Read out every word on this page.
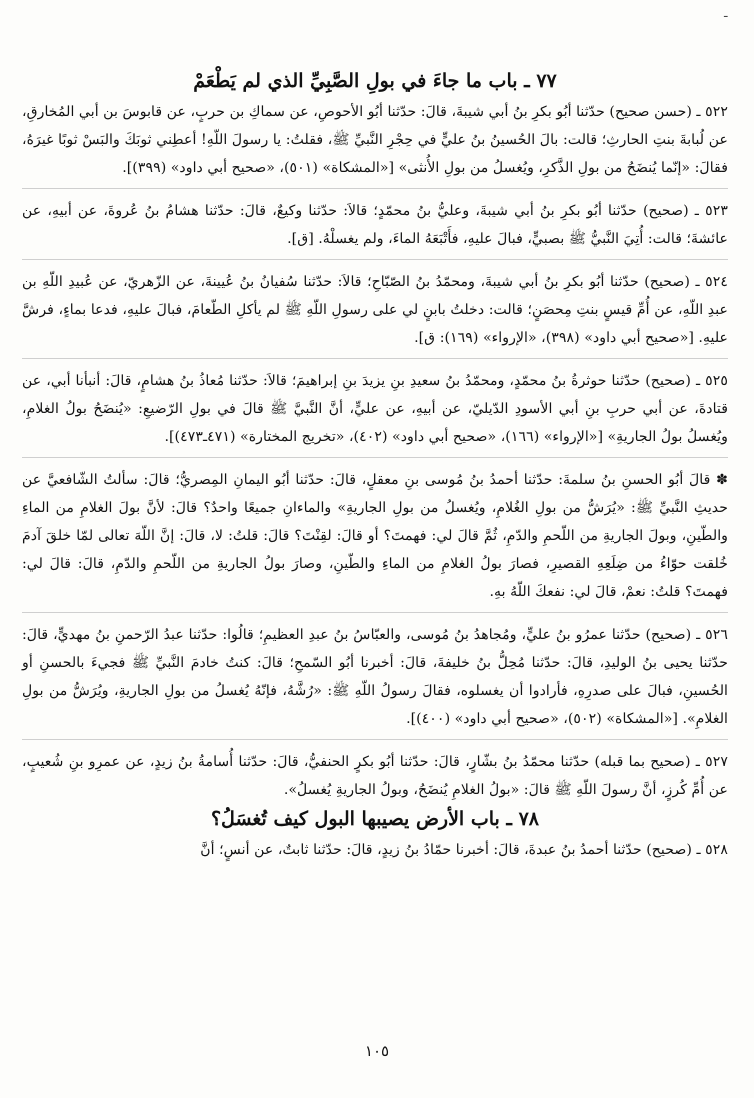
ـ
٧٧ ـ باب ما جاءَ في بولِ الصَّبِيِّ الذي لم يَطْعَمْ

٥٢٢ ـ (حسن صحيح) حدّثنا أبُو بكرِ بنُ أبي شيبةَ، قالَ: حدّثنا أبُو الأحوصِ، عن سماكِ بن حربٍ، عن قابوسَ بن أبي المُخارقِ، عن لُبابةَ بنتِ الحارثِ؛ قالت: بالَ الحُسينُ بنُ عليٍّ في حِجْرِ النَّبيِّ ﷺ، فقلتُ: يا رسولَ اللّهِ! أعطِني ثوبَكَ والبَسْ ثوبًا غيرَهُ، فقالَ: «إنّما يُنضَحُ من بولِ الذَّكرِ، ويُغسلُ من بولِ الأُنثى» [«المشكاة» (٥٠١)، «صحيح أبي داود» (٣٩٩)].

٥٢٣ ـ (صحيح) حدّثنا أبُو بكرِ بنُ أبي شيبةَ، وعليُّ بنُ محمّدٍ؛ قالاَ: حدّثنا وكيعٌ، قالَ: حدّثنا هشامُ بنُ عُروةَ، عن أبيهِ، عن عائشةَ؛ قالت: أُتِيَ النَّبيُّ ﷺ بصبيٍّ، فبالَ عليهِ، فأَتْبَعَهُ الماءَ، ولم يغسلْهُ. [ق].

٥٢٤ ـ (صحيح) حدّثنا أبُو بكرِ بنُ أبي شيبةَ، ومحمّدُ بنُ الصّبّاحِ؛ قالاَ: حدّثنا سُفيانُ بنُ عُيينةَ، عن الزّهريّ، عن عُبيدِ اللّهِ بن عبدِ اللّهِ، عن أُمِّ قيسٍ بنتِ مِحصَنٍ؛ قالت: دخلتُ بابنٍ لي على رسولِ اللّهِ ﷺ لم يأكلِ الطّعامَ، فبالَ عليهِ، فدعا بماءٍ، فرشَّ عليهِ. [«صحيح أبي داود» (٣٩٨)، «الإرواء» (١٦٩): ق].

٥٢٥ ـ (صحيح) حدّثنا حوثرةُ بنُ محمّدٍ، ومحمّدُ بنُ سعيدِ بنِ يزيدَ بنِ إبراهيمَ؛ قالاَ: حدّثنا مُعاذُ بنُ هشامٍ، قالَ: أنبأنا أبي، عن قتادةَ، عن أبي حربِ بنِ أبي الأسودِ الدّيليّ، عن أبيهِ، عن عليٍّ، أنَّ النَّبيَّ ﷺ قالَ في بولِ الرّضيعِ: «يُنضَحُ بولُ الغلامِ، ويُغسلُ بولُ الجاريةِ» [«الإرواء» (١٦٦)، «صحيح أبي داود» (٤٠٢)، «تخريج المختارة» (٤٧١ـ٤٧٣)].

✽ قالَ أبُو الحسنِ بنُ سلمةَ: حدّثنا أحمدُ بنُ مُوسى بنِ معقلٍ، قالَ: حدّثنا أبُو اليمانِ المِصريُّ؛ قالَ: سألتُ الشّافعيَّ عن حديثِ النَّبيِّ ﷺ: «يُرَشُّ من بولِ الغُلامِ، ويُغسلُ من بولِ الجاريةِ» والماءانِ جميعًا واحدٌ؟ قالَ: لأنَّ بولَ الغلامِ من الماءِ والطّينِ، وبولَ الجاريةِ من اللّحمِ والدّمِ، ثُمَّ قالَ لي: فهمتَ؟ أو قالَ: لقِنْتَ؟ قالَ: قلتُ: لا، قالَ: إنَّ اللّهَ تعالى لمّا خلقَ آدمَ خُلقت حوّاءُ من ضِلَعِهِ القصيرِ، فصارَ بولُ الغلامِ من الماءِ والطّينِ، وصارَ بولُ الجاريةِ من اللّحمِ والدّمِ، قالَ: قالَ لي: فهمتَ؟ قلتُ: نعمْ، قالَ لي: نفعكَ اللّهُ بهِ.

٥٢٦ ـ (صحيح) حدّثنا عمرُو بنُ عليٍّ، ومُجاهدُ بنُ مُوسى، والعبّاسُ بنُ عبدِ العظيمِ؛ قالُوا: حدّثنا عبدُ الرّحمنِ بنُ مهديٍّ، قالَ: حدّثنا يحيى بنُ الوليدِ، قالَ: حدّثنا مُحِلُّ بنُ خليفةَ، قالَ: أخبرنا أبُو السّمحِ؛ قالَ: كنتُ خادمَ النَّبيِّ ﷺ فجيءَ بالحسنِ أو الحُسينِ، فبالَ على صدرِهِ، فأرادوا أن يغسلوه، فقالَ رسولُ اللّهِ ﷺ: «رُشَّهُ، فإنّهُ يُغسلُ من بولِ الجاريةِ، ويُرَشُّ من بولِ الغلامِ». [«المشكاة» (٥٠٢)، «صحيح أبي داود» (٤٠٠)].

٥٢٧ ـ (صحيح بما قبله) حدّثنا محمّدُ بنُ بشّارٍ، قالَ: حدّثنا أبُو بكرٍ الحنفيُّ، قالَ: حدّثنا أُسامةُ بنُ زيدٍ، عن عمرِو بنِ شُعيبٍ، عن أُمِّ كُرزٍ، أنَّ رسولَ اللّهِ ﷺ قالَ: «بولُ الغلامِ يُنضَحُ، وبولُ الجاريةِ يُغسلُ».

٧٨ ـ باب الأرض يصيبها البول كيف تُغسَلُ؟

٥٢٨ ـ (صحيح) حدّثنا أحمدُ بنُ عبدةَ، قالَ: أخبرنا حمّادُ بنُ زيدٍ، قالَ: حدّثنا ثابتٌ، عن أنسٍ؛ أنَّ

١٠٥
